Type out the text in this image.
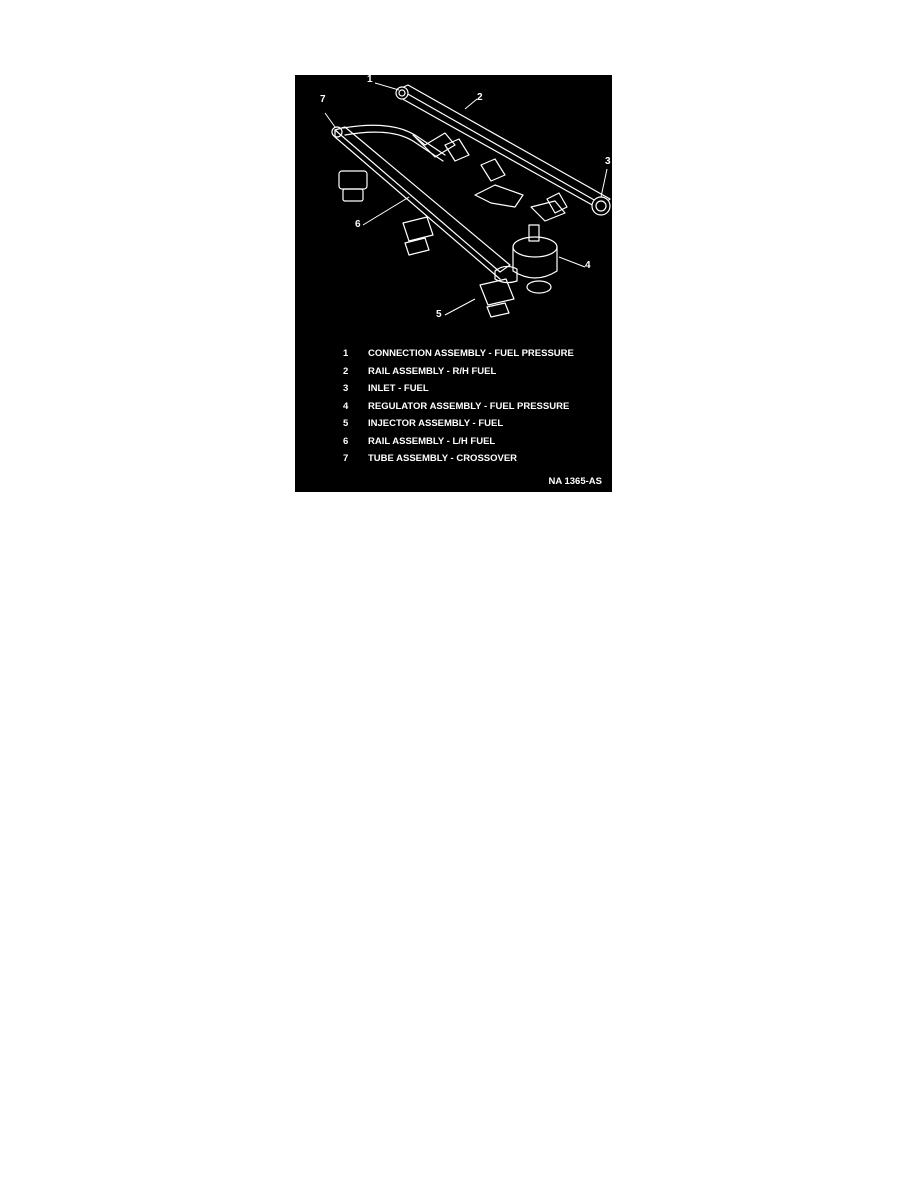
1
2
3
4
5
6
7
1	CONNECTION ASSEMBLY - FUEL PRESSURE
2	RAIL ASSEMBLY - R/H FUEL
3	INLET - FUEL
4	REGULATOR ASSEMBLY - FUEL PRESSURE
5	INJECTOR ASSEMBLY - FUEL
6	RAIL ASSEMBLY - L/H FUEL
7	TUBE ASSEMBLY - CROSSOVER
NA 1365-AS
